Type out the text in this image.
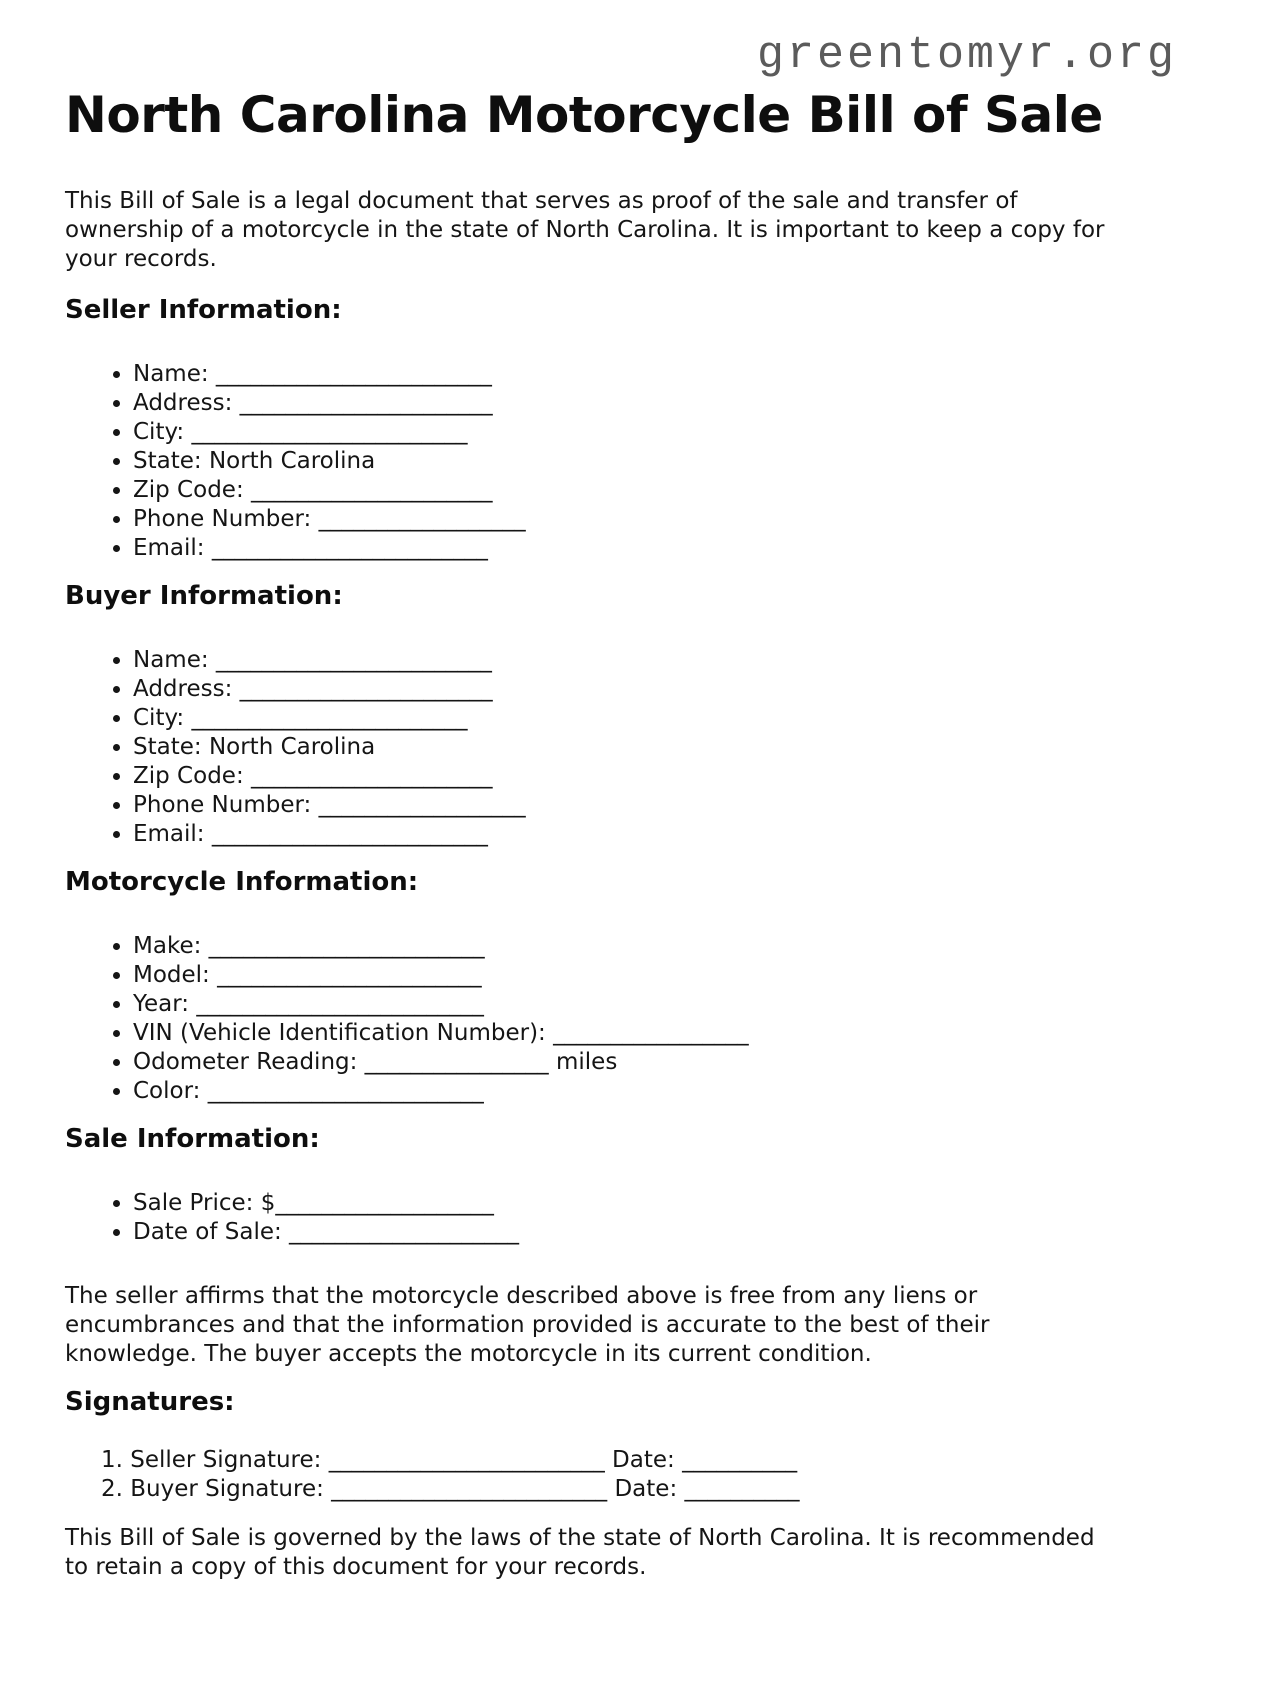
greentomyr.org
North Carolina Motorcycle Bill of Sale

This Bill of Sale is a legal document that serves as proof of the sale and transfer of
ownership of a motorcycle in the state of North Carolina. It is important to keep a copy for
your records.

Seller Information:
• Name: ________________________
• Address: ______________________
• City: ________________________
• State: North Carolina
• Zip Code: _____________________
• Phone Number: __________________
• Email: ________________________
Buyer Information:
• Name: ________________________
• Address: ______________________
• City: ________________________
• State: North Carolina
• Zip Code: _____________________
• Phone Number: __________________
• Email: ________________________
Motorcycle Information:
• Make: ________________________
• Model: _______________________
• Year: _________________________
• VIN (Vehicle Identification Number): _________________
• Odometer Reading: ________________ miles
• Color: ________________________
Sale Information:
• Sale Price: $___________________
• Date of Sale: ____________________

The seller affirms that the motorcycle described above is free from any liens or
encumbrances and that the information provided is accurate to the best of their
knowledge. The buyer accepts the motorcycle in its current condition.

Signatures:
1. Seller Signature: ________________________ Date: __________
2. Buyer Signature: ________________________ Date: __________

This Bill of Sale is governed by the laws of the state of North Carolina. It is recommended
to retain a copy of this document for your records.
